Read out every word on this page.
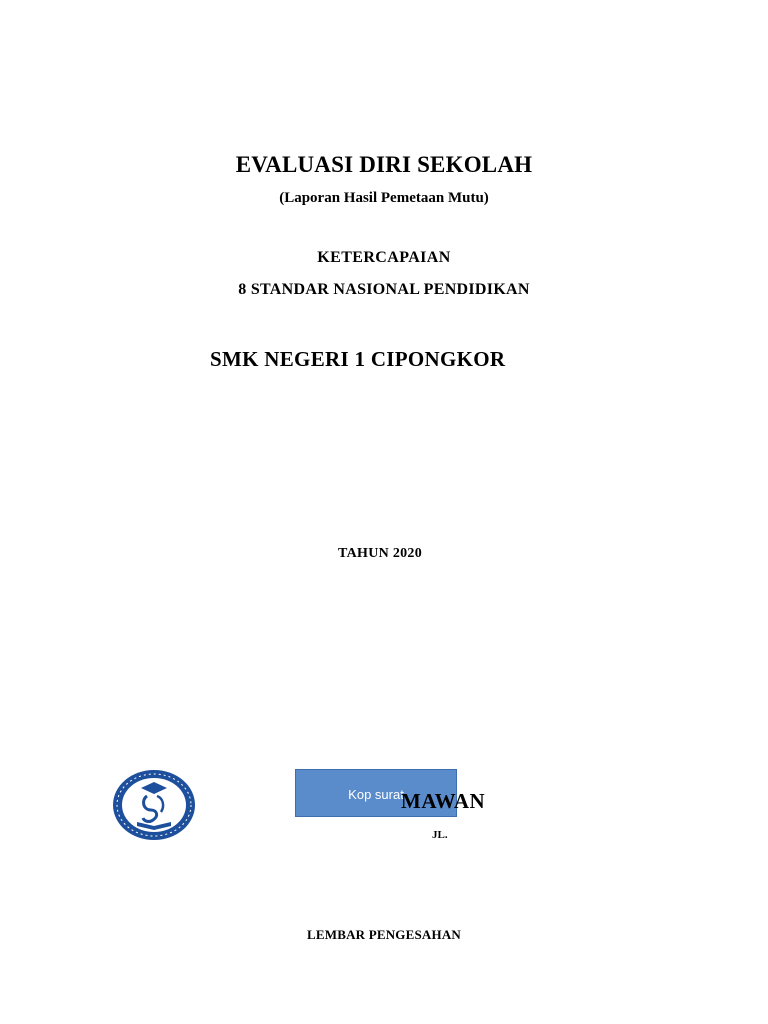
EVALUASI DIRI SEKOLAH
(Laporan Hasil Pemetaan Mutu)
KETERCAPAIAN
8 STANDAR NASIONAL PENDIDIKAN
SMK NEGERI 1 CIPONGKOR
TAHUN 2020
Kop surat
MAWAN
JL.
LEMBAR PENGESAHAN
